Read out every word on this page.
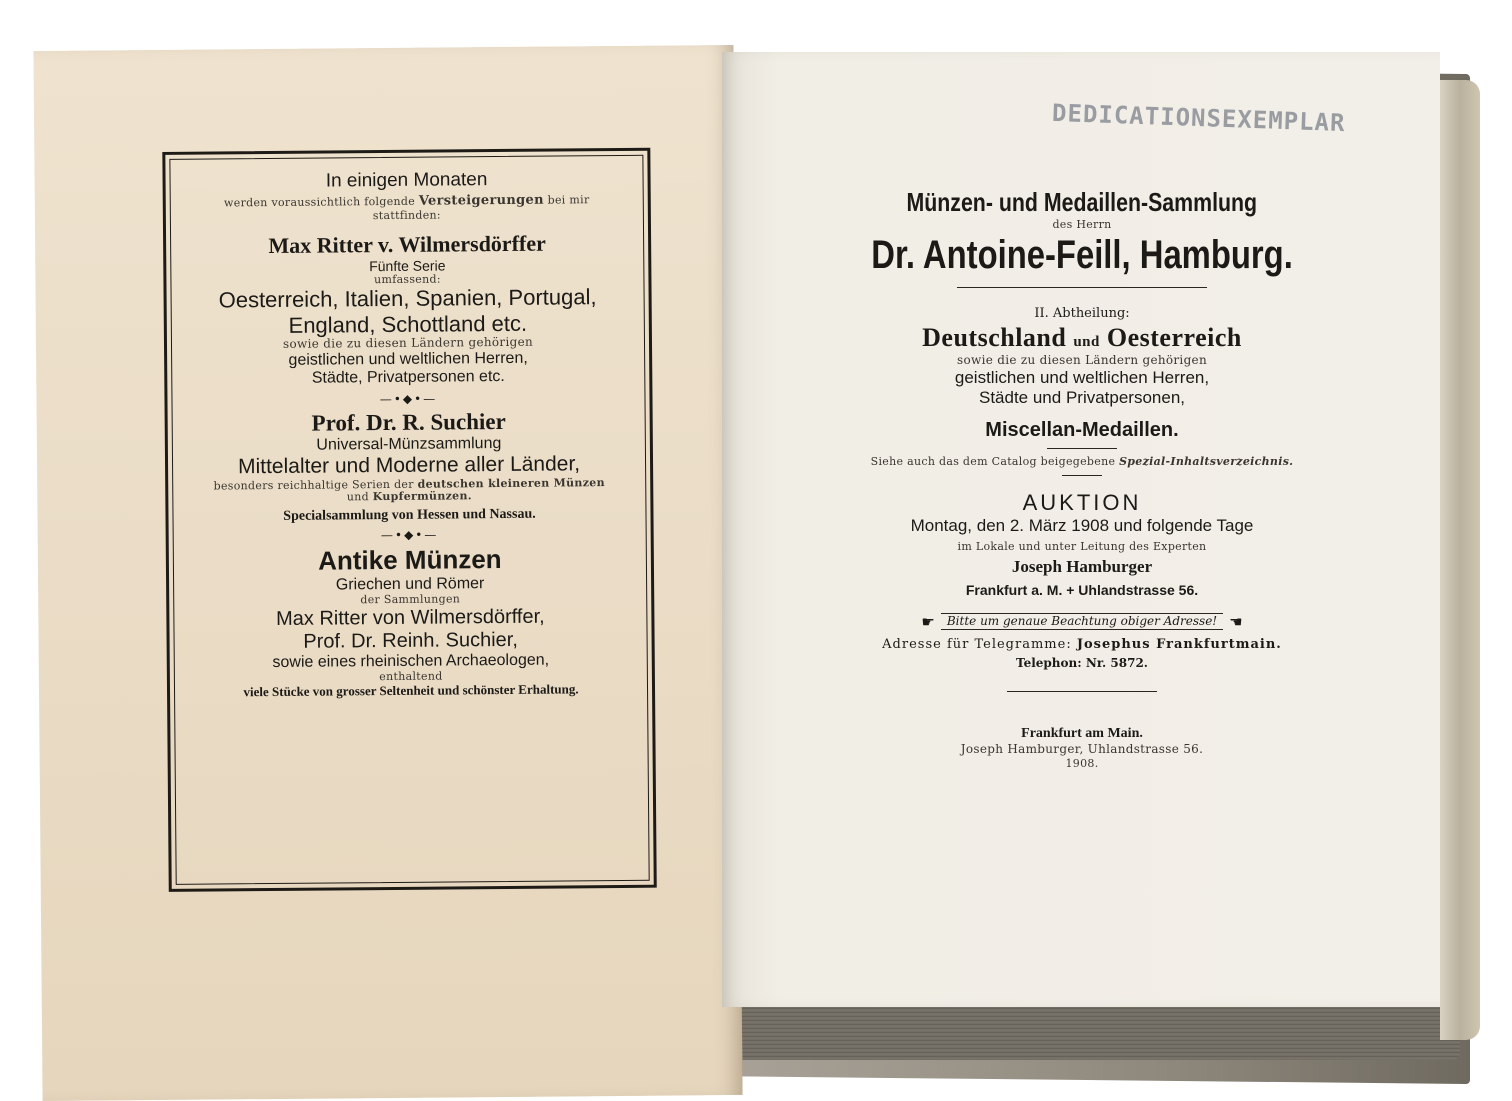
In einigen Monaten

werden voraussichtlich folgende Versteigerungen bei mir

stattfinden:

Max Ritter v. Wilmersdörffer

Fünfte Serie

umfassend:

Oesterreich, Italien, Spanien, Portugal,

England, Schottland etc.

sowie die zu diesen Ländern gehörigen

geistlichen und weltlichen Herren,

Städte, Privatpersonen etc.

—•◆•—

Prof. Dr. R. Suchier

Universal-Münzsammlung

Mittelalter und Moderne aller Länder,

besonders reichhaltige Serien der deutschen kleineren Münzen

und Kupfermünzen.

Specialsammlung von Hessen und Nassau.

—•◆•—

Antike Münzen

Griechen und Römer

der Sammlungen

Max Ritter von Wilmersdörffer,

Prof. Dr. Reinh. Suchier,

sowie eines rheinischen Archaeologen,

enthaltend

viele Stücke von grosser Seltenheit und schönster Erhaltung.

DEDICATIONSEXEMPLAR

Münzen- und Medaillen-Sammlung

des Herrn

Dr. Antoine-Feill, Hamburg.

II. Abtheilung:

Deutschland und Oesterreich

sowie die zu diesen Ländern gehörigen

geistlichen und weltlichen Herren,

Städte und Privatpersonen,

Miscellan-Medaillen.

Siehe auch das dem Catalog beigegebene Spezial-Inhaltsverzeichnis.

AUKTION

Montag, den 2. März 1908 und folgende Tage

im Lokale und unter Leitung des Experten

Joseph Hamburger

Frankfurt a. M. + Uhlandstrasse 56.

☛	Bitte um genaue Beachtung obiger Adresse! ☚

Adresse für Telegramme: Josephus Frankfurtmain.

Telephon: Nr. 5872.

Frankfurt am Main.

Joseph Hamburger, Uhlandstrasse 56.

1908.
